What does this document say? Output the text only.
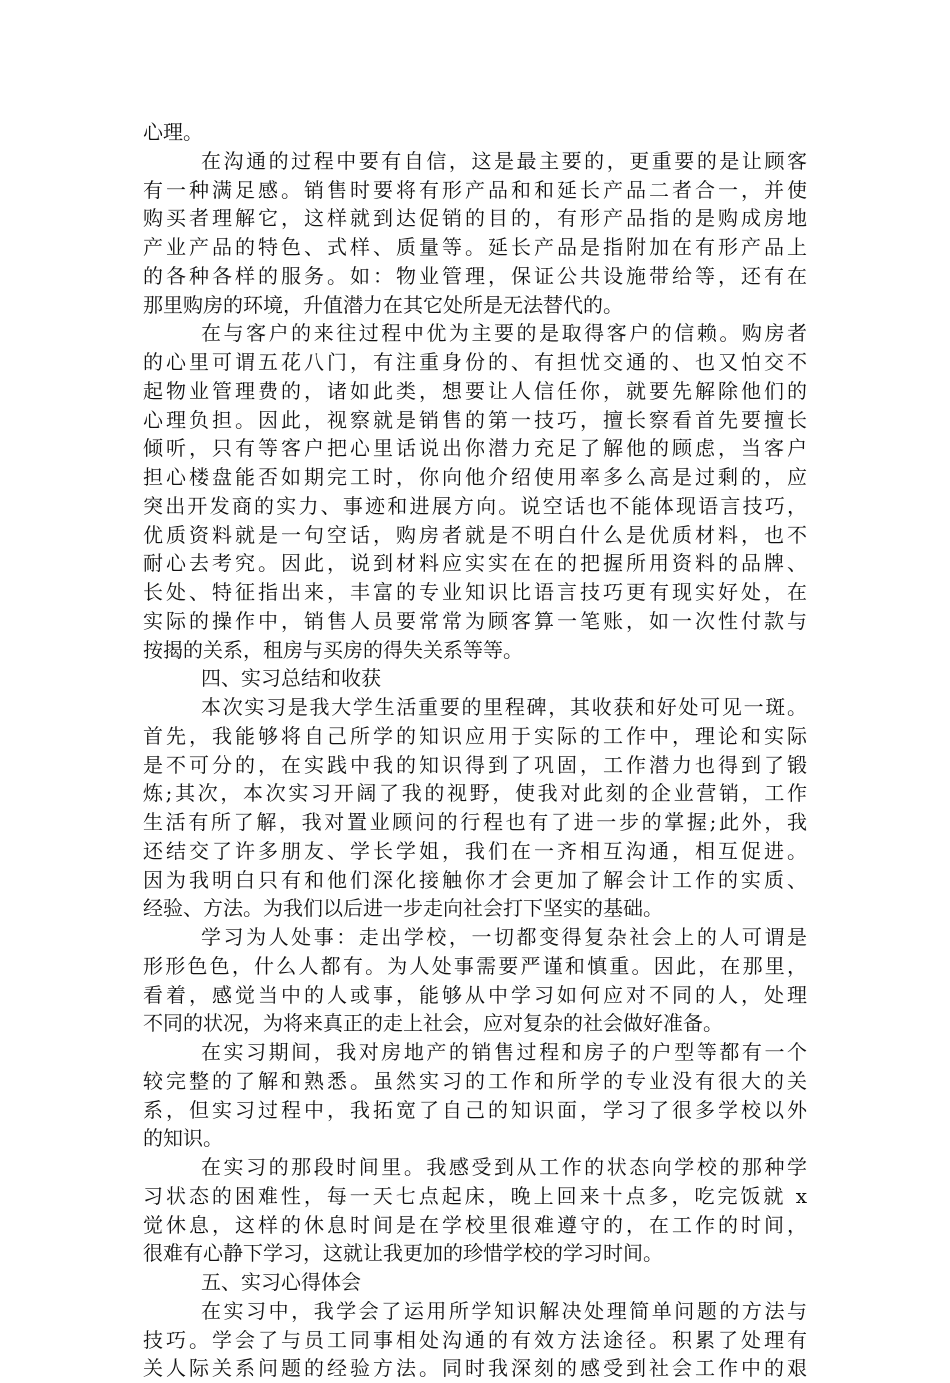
心理。
在沟通的过程中要有自信，这是最主要的，更重要的是让顾客
有一种满足感。销售时要将有形产品和和延长产品二者合一，并使
购买者理解它，这样就到达促销的目的，有形产品指的是购成房地
产业产品的特色、式样、质量等。延长产品是指附加在有形产品上
的各种各样的服务。如：物业管理，保证公共设施带给等，还有在
那里购房的环境，升值潜力在其它处所是无法替代的。
在与客户的来往过程中优为主要的是取得客户的信赖。购房者
的心里可谓五花八门，有注重身份的、有担忧交通的、也又怕交不
起物业管理费的，诸如此类，想要让人信任你，就要先解除他们的
心理负担。因此，视察就是销售的第一技巧，擅长察看首先要擅长
倾听，只有等客户把心里话说出你潜力充足了解他的顾虑，当客户
担心楼盘能否如期完工时，你向他介绍使用率多么高是过剩的，应
突出开发商的实力、事迹和进展方向。说空话也不能体现语言技巧，
优质资料就是一句空话，购房者就是不明白什么是优质材料，也不
耐心去考究。因此，说到材料应实实在在的把握所用资料的品牌、
长处、特征指出来，丰富的专业知识比语言技巧更有现实好处，在
实际的操作中，销售人员要常常为顾客算一笔账，如一次性付款与
按揭的关系，租房与买房的得失关系等等。
四、实习总结和收获
本次实习是我大学生活重要的里程碑，其收获和好处可见一斑。
首先，我能够将自己所学的知识应用于实际的工作中，理论和实际
是不可分的，在实践中我的知识得到了巩固，工作潜力也得到了锻
炼;其次，本次实习开阔了我的视野，使我对此刻的企业营销，工作
生活有所了解，我对置业顾问的行程也有了进一步的掌握;此外，我
还结交了许多朋友、学长学姐，我们在一齐相互沟通，相互促进。
因为我明白只有和他们深化接触你才会更加了解会计工作的实质、
经验、方法。为我们以后进一步走向社会打下坚实的基础。
学习为人处事：走出学校，一切都变得复杂社会上的人可谓是
形形色色，什么人都有。为人处事需要严谨和慎重。因此，在那里，
看着，感觉当中的人或事，能够从中学习如何应对不同的人，处理
不同的状况，为将来真正的走上社会，应对复杂的社会做好准备。
在实习期间，我对房地产的销售过程和房子的户型等都有一个
较完整的了解和熟悉。虽然实习的工作和所学的专业没有很大的关
系，但实习过程中，我拓宽了自己的知识面，学习了很多学校以外
的知识。
在实习的那段时间里。我感受到从工作的状态向学校的那种学
习状态的困难性，每一天七点起床，晚上回来十点多，吃完饭就 x
觉休息，这样的休息时间是在学校里很难遵守的，在工作的时间，
很难有心静下学习，这就让我更加的珍惜学校的学习时间。
五、实习心得体会
在实习中，我学会了运用所学知识解决处理简单问题的方法与
技巧。学会了与员工同事相处沟通的有效方法途径。积累了处理有
关人际关系问题的经验方法。同时我深刻的感受到社会工作中的艰
